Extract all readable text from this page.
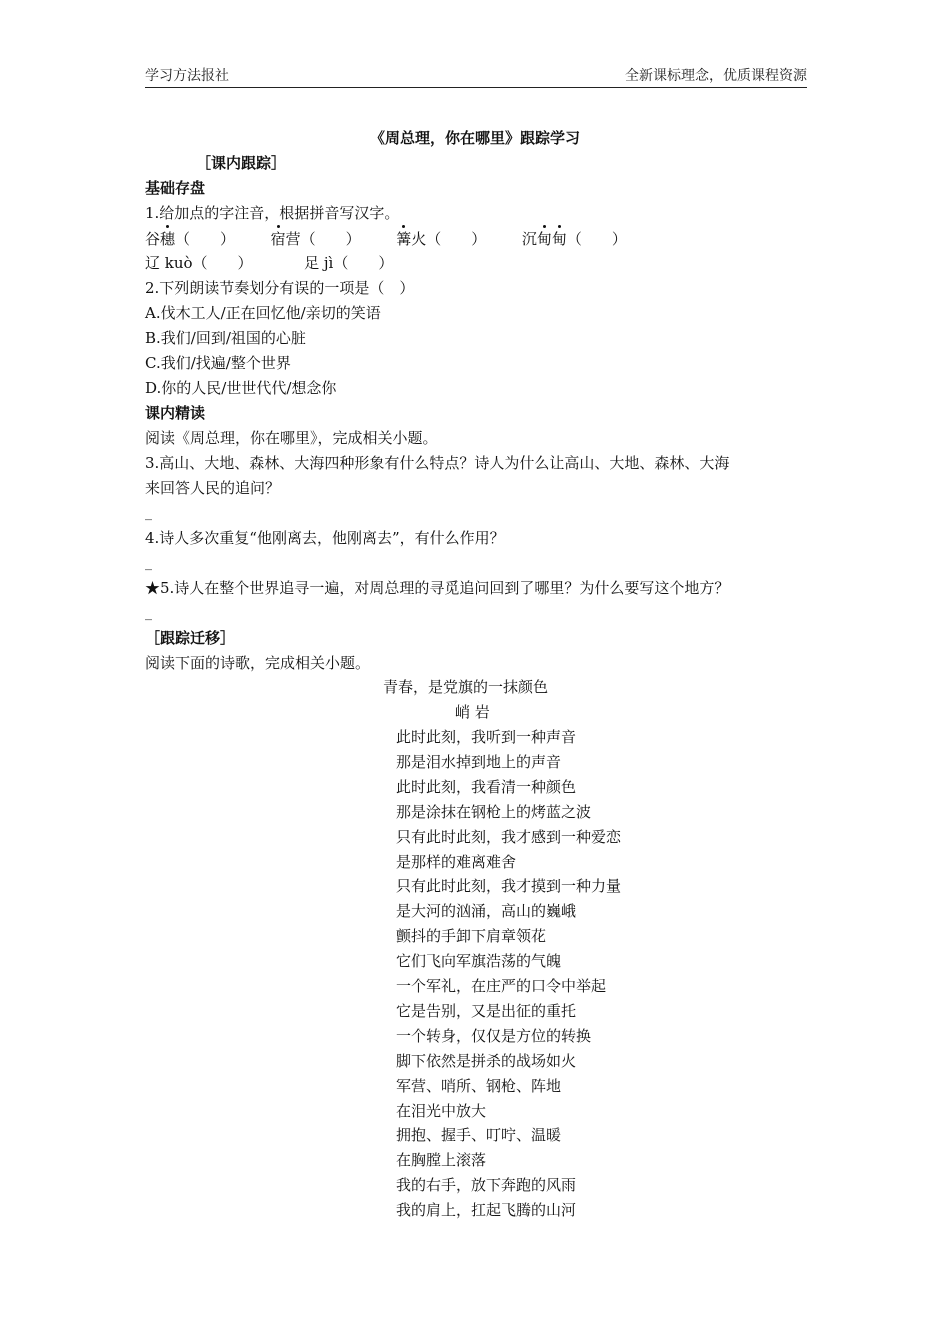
学习方法报社	全新课标理念，优质课程资源
《周总理，你在哪里》跟踪学习
［课内跟踪］
基础存盘
1.给加点的字注音，根据拼音写汉字。
谷穗（　　） 宿营（　　） 篝火（　　） 沉甸甸（　　）
辽 kuò（　　）	足 jì（　　）
2.下列朗读节奏划分有误的一项是（　）
A.伐木工人/正在回忆他/亲切的笑语
B.我们/回到/祖国的心脏
C.我们/找遍/整个世界
D.你的人民/世世代代/想念你
课内精读
阅读《周总理，你在哪里》，完成相关小题。
3.高山、大地、森林、大海四种形象有什么特点？诗人为什么让高山、大地、森林、大海
来回答人民的追问？
_
4.诗人多次重复“他刚离去，他刚离去”，有什么作用？
_
★5.诗人在整个世界追寻一遍，对周总理的寻觅追问回到了哪里？为什么要写这个地方？
_
［跟踪迁移］
阅读下面的诗歌，完成相关小题。
青春，是党旗的一抹颜色
峭 岩
此时此刻，我听到一种声音
那是泪水掉到地上的声音
此时此刻，我看清一种颜色
那是涂抹在钢枪上的烤蓝之波
只有此时此刻，我才感到一种爱恋
是那样的难离难舍
只有此时此刻，我才摸到一种力量
是大河的汹涌，高山的巍峨
颤抖的手卸下肩章领花
它们飞向军旗浩荡的气魄
一个军礼，在庄严的口令中举起
它是告别，又是出征的重托
一个转身，仅仅是方位的转换
脚下依然是拼杀的战场如火
军营、哨所、钢枪、阵地
在泪光中放大
拥抱、握手、叮咛、温暖
在胸膛上滚落
我的右手，放下奔跑的风雨
我的肩上，扛起飞腾的山河
